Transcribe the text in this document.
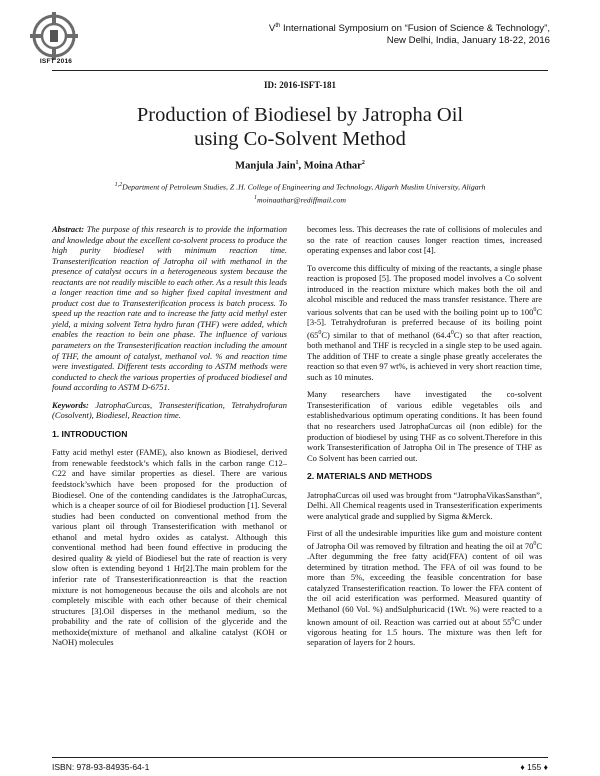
ISFT 2016
Vth International Symposium on “Fusion of Science & Technology”,
New Delhi, India, January 18-22, 2016
ID: 2016-ISFT-181
Production of Biodiesel by Jatropha Oil
using Co-Solvent Method
Manjula Jain$^1$, Moina Athar$^2$
$^{1,2}$Department of Petroleum Studies, Z .H. College of Engineering and Technology, Aligarh Muslim University, Aligarh
$^1$moinaathar@rediffmail.com

Abstract: The purpose of this research is to provide the information and knowledge about the excellent co-solvent process to produce the high purity biodiesel with minimum reaction time. Transesterification reaction of Jatropha oil with methanol in the presence of catalyst occurs in a heterogeneous system because the reactants are not readily miscible to each other. As a result this leads a longer reaction time and so higher fixed capital investment and product cost due to Transesterification process is batch process. To speed up the reaction rate and to increase the fatty acid methyl ester yield, a mixing solvent Tetra hydro furan (THF) were added, which enables the reaction to bein one phase. The influence of various parameters on the Transesterification reaction including the amount of THF, the amount of catalyst, methanol vol. % and reaction time were investigated. Different tests according to ASTM methods were conducted to check the various properties of produced biodiesel and found according to ASTM D-6751.

Keywords: JatrophaCurcas, Transesterification, Tetrahydrofuran (Cosolvent), Biodiesel, Reaction time.

1. INTRODUCTION

Fatty acid methyl ester (FAME), also known as Biodiesel, derived from renewable feedstock’s which falls in the carbon range C12–C22 and have similar properties as diesel. There are various feedstock’swhich have been proposed for the production of Biodiesel. One of the contending candidates is the JatrophaCurcas, which is a cheaper source of oil for Biodiesel production [1]. Several studies had been conducted on conventional method from the various plant oil through Transesterification with methanol or ethanol and metal hydro oxides as catalyst. Although this conventional method had been found effective in producing the desired quality & yield of Biodiesel but the rate of reaction is very slow often is extending beyond 1 Hr[2].The main problem for the inferior rate of Transesterificationreaction is that the reaction mixture is not homogeneous because the oils and alcohols are not completely miscible with each other because of their chemical structures [3].Oil disperses in the methanol medium, so the probability and the rate of collision of the glyceride and the methoxide(mixture of methanol and alkaline catalyst (KOH or NaOH) molecules

becomes less. This decreases the rate of collisions of molecules and so the rate of reaction causes longer reaction times, increased operating expenses and labor cost [4].

To overcome this difficulty of mixing of the reactants, a single phase reaction is proposed [5]. The proposed model involves a Co solvent introduced in the reaction mixture which makes both the oil and alcohol miscible and reduced the mass transfer resistance. There are various solvents that can be used with the boiling point up to $100^0C$ [3-5]. Tetrahydrofuran is preferred because of its boiling point $(65^0C)$ similar to that of methanol (64.4$^0$C) so that after reaction, both methanol and THF is recycled in a single step to be used again. The addition of THF to create a single phase greatly accelerates the reaction so that even 97 wt%, is achieved in very short reaction time, such as 10 minutes.

Many researchers have investigated the co-solvent Transesterification of various edible vegetables oils and establishedvarious optimum operating conditions. It has been found that no researchers used JatrophaCurcas oil (non edible) for the production of biodiesel by using THF as co solvent.Therefore in this work Transesterification of Jatropha Oil in The presence of THF as Co Solvent has been carried out.

2. MATERIALS AND METHODS

JatrophaCurcas oil used was brought from “JatrophaVikasSansthan”, Delhi. All Chemical reagents used in Transesterification experiments were analytical grade and supplied by Sigma &Merck.

First of all the undesirable impurities like gum and moisture content of Jatropha Oil was removed by filtration and heating the oil at $70^0C$ .After degumming the free fatty acid(FFA) content of oil was determined by titration method. The FFA of oil was found to be more than 5%, exceeding the feasible concentration for base catalyzed Transesterification reaction. To lower the FFA content of the oil acid esterification was performed. Measured quantity of Methanol (60 Vol. %) andSulphuricacid (1Wt. %) were reacted to a known amount of oil. Reaction was carried out at about $55^0C$ under vigorous heating for 1.5 hours. The mixture was then left for separation of layers for 2 hours.

ISBN: 978-93-84935-64-1	♦ 155 ♦
